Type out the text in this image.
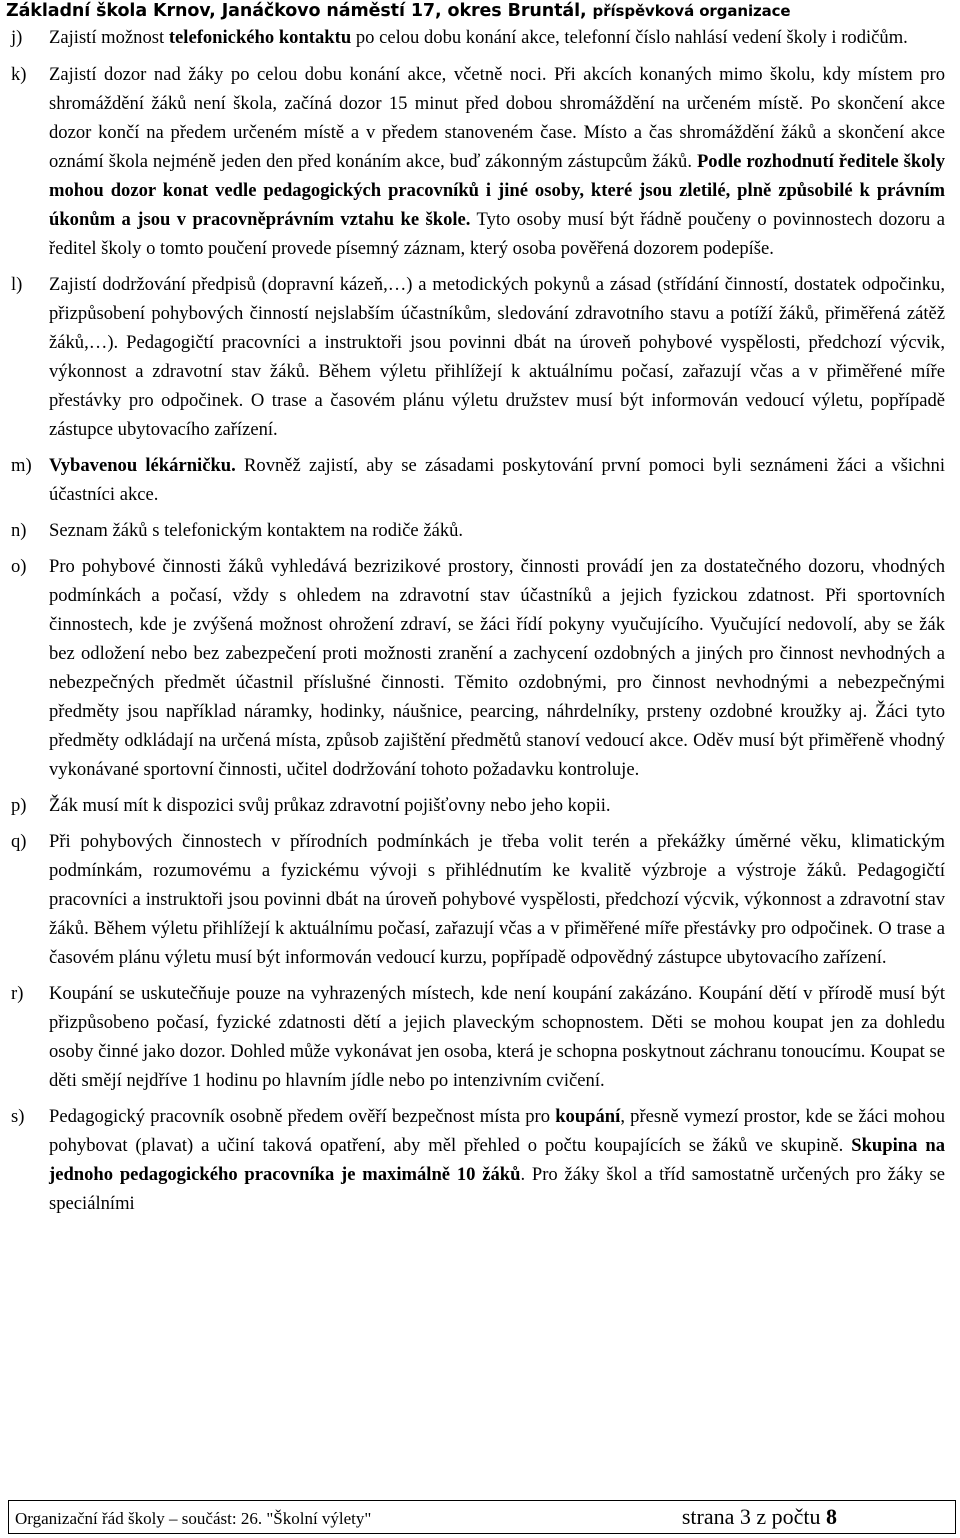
Základní škola Krnov, Janáčkovo náměstí 17, okres Bruntál, příspěvková organizace
j)	Zajistí možnost telefonického kontaktu po celou dobu konání akce, telefonní číslo nahlásí vedení školy i rodičům.
k)	Zajistí dozor nad žáky po celou dobu konání akce, včetně noci. Při akcích konaných mimo školu, kdy místem pro shromáždění žáků není škola, začíná dozor 15 minut před dobou shromáždění na určeném místě. Po skončení akce dozor končí na předem určeném místě a v předem stanoveném čase. Místo a čas shromáždění žáků a skončení akce oznámí škola nejméně jeden den před konáním akce, buď zákonným zástupcům žáků. Podle rozhodnutí ředitele školy mohou dozor konat vedle pedagogických pracovníků i jiné osoby, které jsou zletilé, plně způsobilé k právním úkonům a jsou v pracovněprávním vztahu ke škole. Tyto osoby musí být řádně poučeny o povinnostech dozoru a ředitel školy o tomto poučení provede písemný záznam, který osoba pověřená dozorem podepíše.
l)	Zajistí dodržování předpisů (dopravní kázeň,…) a metodických pokynů a zásad (střídání činností, dostatek odpočinku, přizpůsobení pohybových činností nejslabším účastníkům, sledování zdravotního stavu a potíží žáků, přiměřená zátěž žáků,…). Pedagogičtí pracovníci a instruktoři jsou povinni dbát na úroveň pohybové vyspělosti, předchozí výcvik, výkonnost a zdravotní stav žáků. Během výletu přihlížejí k aktuálnímu počasí, zařazují včas a v přiměřené míře přestávky pro odpočinek. O trase a časovém plánu výletu družstev musí být informován vedoucí výletu, popřípadě zástupce ubytovacího zařízení.
m) Vybavenou lékárničku. Rovněž zajistí, aby se zásadami poskytování první pomoci byli seznámeni žáci a všichni účastníci akce.
n)	Seznam žáků s telefonickým kontaktem na rodiče žáků.
o)	Pro pohybové činnosti žáků vyhledává bezrizikové prostory, činnosti provádí jen za dostatečného dozoru, vhodných podmínkách a počasí, vždy s ohledem na zdravotní stav účastníků a jejich fyzickou zdatnost. Při sportovních činnostech, kde je zvýšená možnost ohrožení zdraví, se žáci řídí pokyny vyučujícího. Vyučující nedovolí, aby se žák bez odložení nebo bez zabezpečení proti možnosti zranění a zachycení ozdobných a jiných pro činnost nevhodných a nebezpečných předmět účastnil příslušné činnosti. Těmito ozdobnými, pro činnost nevhodnými a nebezpečnými předměty jsou například náramky, hodinky, náušnice, pearcing, náhrdelníky, prsteny ozdobné kroužky aj. Žáci tyto předměty odkládají na určená místa, způsob zajištění předmětů stanoví vedoucí akce. Oděv musí být přiměřeně vhodný vykonávané sportovní činnosti, učitel dodržování tohoto požadavku kontroluje.
p)	Žák musí mít k dispozici svůj průkaz zdravotní pojišťovny nebo jeho kopii.
q)	Při pohybových činnostech v přírodních podmínkách je třeba volit terén a překážky úměrné věku, klimatickým podmínkám, rozumovému a fyzickému vývoji s přihlédnutím ke kvalitě výzbroje a výstroje žáků. Pedagogičtí pracovníci a instruktoři jsou povinni dbát na úroveň pohybové vyspělosti, předchozí výcvik, výkonnost a zdravotní stav žáků. Během výletu přihlížejí k aktuálnímu počasí, zařazují včas a v přiměřené míře přestávky pro odpočinek. O trase a časovém plánu výletu musí být informován vedoucí kurzu, popřípadě odpovědný zástupce ubytovacího zařízení.
r)	Koupání se uskutečňuje pouze na vyhrazených místech, kde není koupání zakázáno. Koupání dětí v přírodě musí být přizpůsobeno počasí, fyzické zdatnosti dětí a jejich plaveckým schopnostem. Děti se mohou koupat jen za dohledu osoby činné jako dozor. Dohled může vykonávat jen osoba, která je schopna poskytnout záchranu tonoucímu. Koupat se děti smějí nejdříve 1 hodinu po hlavním jídle nebo po intenzivním cvičení.
s)	Pedagogický pracovník osobně předem ověří bezpečnost místa pro koupání, přesně vymezí prostor, kde se žáci mohou pohybovat (plavat) a učiní taková opatření, aby měl přehled o počtu koupajících se žáků ve skupině. Skupina na jednoho pedagogického pracovníka je maximálně 10 žáků. Pro žáky škol a tříd samostatně určených pro žáky se speciálními
Organizační řád školy – součást: 26. "Školní výlety"	strana 3 z počtu 8
